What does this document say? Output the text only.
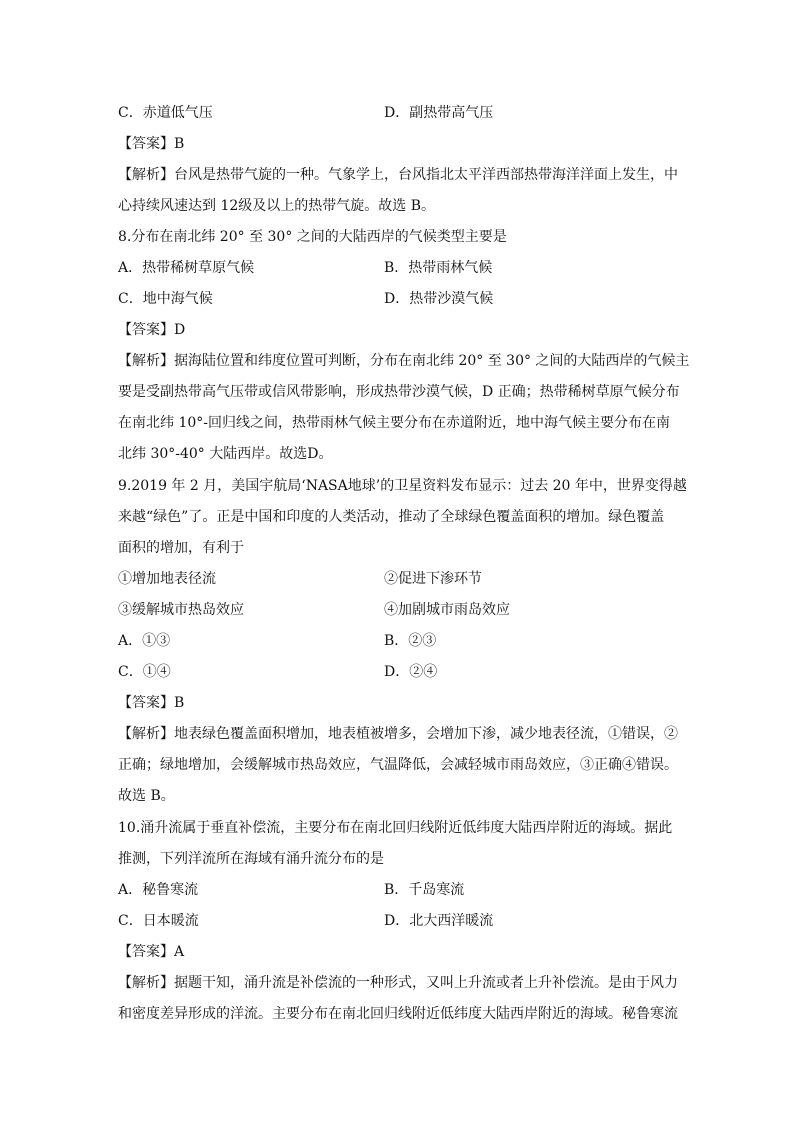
C．赤道低气压	D．副热带高气压
【答案】B
【解析】台风是热带气旋的一种。气象学上，台风指北太平洋西部热带海洋洋面上发生，中
心持续风速达到 12级及以上的热带气旋。故选 B。
8.分布在南北纬 20° 至 30° 之间的大陆西岸的气候类型主要是
A．热带稀树草原气候	B．热带雨林气候
C．地中海气候	D．热带沙漠气候
【答案】D
【解析】据海陆位置和纬度位置可判断，分布在南北纬 20° 至 30° 之间的大陆西岸的气候主
要是受副热带高气压带或信风带影响，形成热带沙漠气候，D 正确；热带稀树草原气候分布
在南北纬 10°-回归线之间，热带雨林气候主要分布在赤道附近，地中海气候主要分布在南
北纬 30°-40° 大陆西岸。故选D。
9.2019 年 2 月，美国宇航局‘NASA地球’的卫星资料发布显示：过去 20 年中，世界变得越
来越“绿色”了。正是中国和印度的人类活动，推动了全球绿色覆盖面积的增加。绿色覆盖
面积的增加，有利于
①增加地表径流	②促进下渗环节
③缓解城市热岛效应	④加剧城市雨岛效应
A．①③	B．②③
C．①④	D．②④
【答案】B
【解析】地表绿色覆盖面积增加，地表植被增多，会增加下渗，减少地表径流，①错误，②
正确；绿地增加，会缓解城市热岛效应，气温降低，会减轻城市雨岛效应，③正确④错误。
故选 B。
10.涌升流属于垂直补偿流，主要分布在南北回归线附近低纬度大陆西岸附近的海域。据此
推测，下列洋流所在海域有涌升流分布的是
A．秘鲁寒流	B．千岛寒流
C．日本暖流	D．北大西洋暖流
【答案】A
【解析】据题干知，涌升流是补偿流的一种形式，又叫上升流或者上升补偿流。是由于风力
和密度差异形成的洋流。主要分布在南北回归线附近低纬度大陆西岸附近的海域。秘鲁寒流
